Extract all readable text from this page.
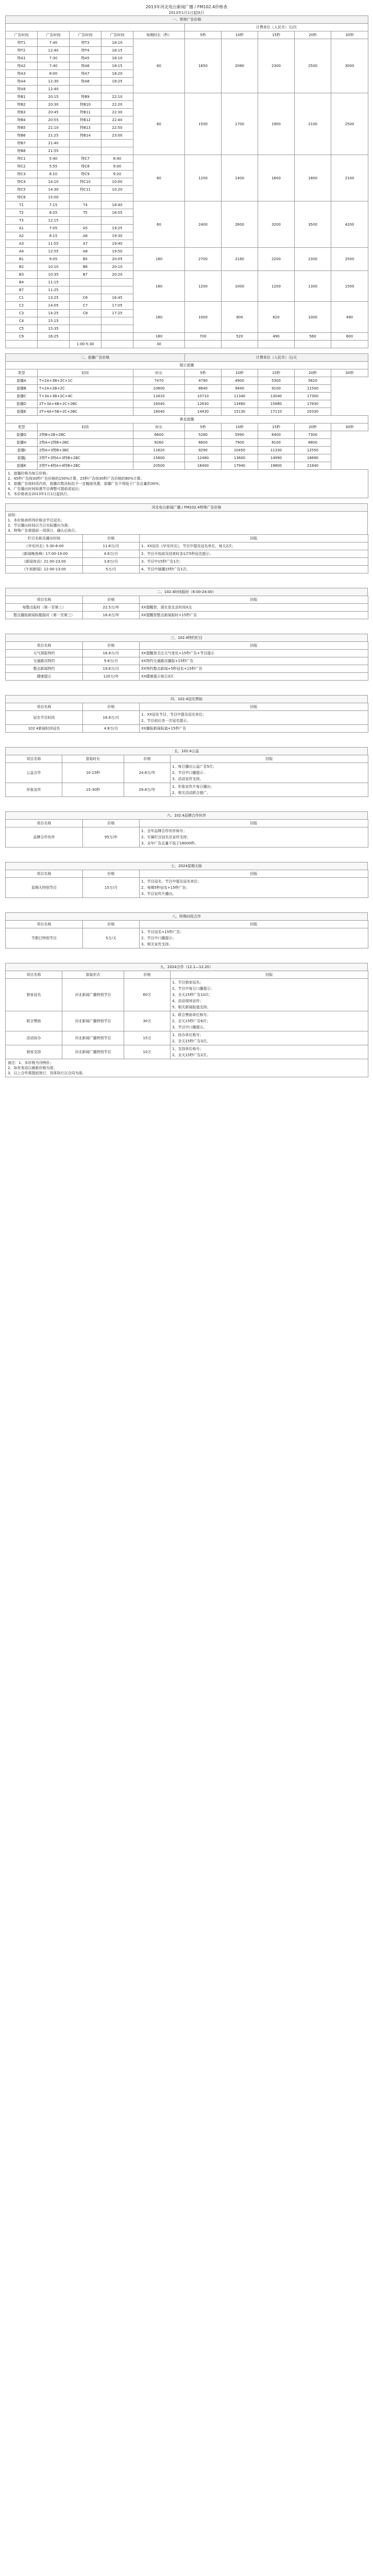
2013年河北电台新闻广播 / FM102.4价格表
2013年1月1日起执行
一、常规广告价格									
					计费单位（人民币）元/次				
广告时间	广告时间	广告时间	广告时间	每期时长（秒）	5秒	10秒	15秒	20秒	30秒
特T1	7:40	特T3	18:10	60	1850	2080	2300	2500	3000
特T2	12:40	特T4	18:15						
特A1	7:30	特A5	18:10						
特A2	7:40	特A6	18:15						
特A3	8:00	特A7	18:20						
特A4	12:30	特A8	18:25						
特A9	12:40								
特B1	20:15	特B9	22:10	60	1500	1700	1900	2100	2500
特B2	20:30	特B10	22:20						
特B3	20:45	特B11	22:30						
特B4	20:55	特B12	22:40						
特B5	21:10	特B13	22:50						
特B6	21:25	特B14	23:00						
特B7	21:40								
特B8	21:55								
特C1	5:40	特C7	8:40	60	1200	1400	1600	1800	2100
特C2	5:55	特C8	9:00						
特C3	6:10	特C9	9:20						
特C4	14:10	特C10	10:00						
特C5	14:30	特C11	10:20						
特C6	15:00								
T1	7:15	T4	18:40	60	2400	2600	3200	3500	4200
T2	8:25	T5	18:55						
T3	12:15								
A1	7:05	A5	19:25						
A2	8:15	A6	19:30						
A3	11:55	A7	19:40						
A4	12:55	A8	19:50	180	2700	2180	2200	2300	2500
B1	9:05	B5	20:05						
B2	10:10	B6	20:10						
B3	10:35	B7	20:20	180	1200	1000	1200	1300	1500
B4	11:15								
B7	11:25								
C1	13:25	C6	16:45						
C2	14:05	C7	17:05	180	1000	900	620	1000	490
C3	14:25	C8	17:25						
C4	15:15								
C5	15:35								
C9	16:25			180	700	520	490	560	600
		1:00-5:30		30					
二、套播广告价格			计费单位（人民币）元/天				
提示套播							
类型	时段	时长	5秒	10秒	15秒	20秒	30秒
套播A	T+2A+3B+2C+1C	7470	4790	4900	5300	5820	
套播B	T+2A+2B+2C	10800	8640	9440	9100	11500	
套播C	T+3A+3B+2C+4C	13410	10710	11340	13040	17300	
套播D	2T+3A+4B+2C+2BC	16040	12830	13460	15880	17830	
套播E	2T+4A+5B+2C+2BC	18040	14430	15130	17110	20330	
黄金套播							
类型	时段	时长	5秒	10秒	15秒	20秒	30秒
套播G	2特B+2B+2BC	6600	5280	5990	6400	7300	
套播H	2特A+2特B+2BC	8260	6600	7900	8100	8800	
套播I	2特A+3特B+3BC	11620	9290	10450	11330	12550	
套播J	2特T+3特A+3特B+2BC	15600	12480	13600	14990	16690	
套播K	2特T+4特A+4特B+2BC	20500	16400	17940	19800	21840	

1、套播价格为每日价格；
2、45秒广告按30秒广告价格的150%计算，25秒广告按30秒广告价格的80%计算；
3、套播广告按时段内容，套播次数达标给予一定幅度优惠，套播广告不得低于广告总量的30%；
4、广告播出时间如遇节目调整可提前或延后；
5、本价格表自2013年1月1日起执行。							
河北电台新闻广播 / FM102.4特殊广告价格
说明：
1、本价格表所列价格含节目冠名；
2、节目播出时间以当日实际播出为准；
3、特殊广告需提前一周预订，确认后执行。
栏目名称及播出时间	价格	回报

《早安河北》5:30-8:00	11.8万/月	1、XX冠名《早安河北》，节目中提及冠名单位，每天2次；

《新闻晚高峰》17:00-19:00	4.8万/月	2、节目开始前及结束时各1次5秒冠名提示；

《新闻夜话》21:00-23:00	3.8万/月	3、节目中15秒广告1次；

《午间新闻》12:00-13:00	5万/月	4、节目中插播15秒广告1次。
二、102.4时间报时（6:00-24:00）
项目名称	价格	回报

每整点报时（第一至第三）	22.5万/年	XX提醒您，现在是北京时间X点

整点播报新闻标题报时（第一至第三）	18.8万/年	XX提醒您整点新闻报时+15秒广告
三、102.4特约栏目
项目名称	价格	回报

天气预报特约	16.8万/月	XX提醒您关注天气变化+15秒广告+节目提示

交通路况特约	9.8万/月	XX特约交通路况播报+15秒广告

整点新闻特约	19.8万/月	XX特约整点新闻+5秒冠名+15秒广告

健康提示	120万/年	XX健康提示每日3次
四、102.4冠名赞助
项目名称	价格	回报

冠名节目时段	16.8万/月	1、XX冠名节目，节目中提及冠名单位；
2、节目前后各一次冠名提示。

102.4新闻时段冠名	4.8万/月	XX播报新闻报道+15秒广告
五、102.4公益
项目名称	套装时长	价格	回报

公益合作	10-15秒	24.8万/年	1、每日播出公益广告5次；
2、节目中口播提示；
3、活动宣传支持。

形象宣传	15-30秒	29.8万/年	1、形象宣传片每日播出；
2、相关活动联合推广。
六、102.4品牌合作伙伴
项目名称	价格	回报

品牌合作伙伴	95万/年	1、全年品牌合作伙伴称号；
2、专属栏目冠名及宣传支持；
3、全年广告总量不低于18000秒。
七、2024星期天版
项目名称	价格	回报

星期天特别节目	15万/月	1、节目冠名，节目中提及冠名单位；
2、每期5秒冠名+15秒广告；
3、节目宣传片播出。
八、特殊时段合作
项目名称	价格	回报

节假日特别节目	5万/天	1、节目冠名+15秒广告；
2、节目中口播提示；
3、相关宣传支持。
九、2024合作（12.1—12.20）
项目名称	套装形式	价格	回报

独家冠名	河北新闻广播特别节目	60万	1、节目独家冠名；
2、节目中每日口播提示；
3、全天15秒广告10次；
4、活动现场宣传；
5、相关新闻报道支持。

联合赞助	河北新闻广播特别节目	30万	1、联合赞助单位称号；
2、全天15秒广告6次；
3、节目中口播提示。

活动协办	河北新闻广播特别节目	15万	1、协办单位称号；
2、全天15秒广告3次。

独家支持	河北新闻广播特别节目	10万	1、支持单位称号；
2、全天15秒广告2次。

备注：1、本价格为刊例价；
2、如有变动以最新价格为准；
3、以上合作需提前预订，具体执行以合同为准。			
